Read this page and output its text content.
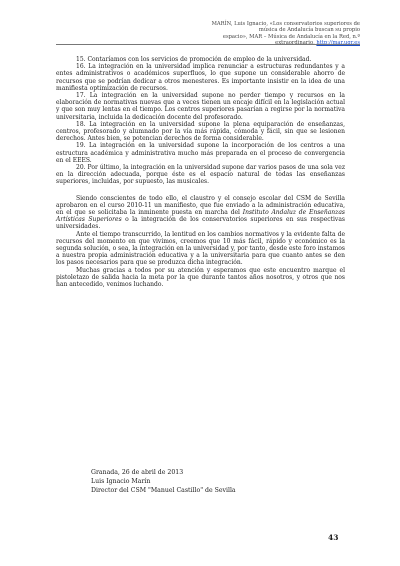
MARÍN, Luis Ignacio, «Los conservatorios superiores de música de Andalucía buscan su propio
espacio», MAR – Música de Andalucía en la Red, n.º extraordinario, http://mar.ugr.es

15. Contaríamos con los servicios de promoción de empleo de la universidad.

16. La integración en la universidad implica renunciar a estructuras redundantes y a entes administrativos o académicos superfluos, lo que supone un considerable ahorro de recursos que se podrían dedicar a otros menesteres. Es importante insistir en la idea de una manifiesta optimización de recursos.

17. La integración en la universidad supone no perder tiempo y recursos en la elaboración de normativas nuevas que a veces tienen un encaje difícil en la legislación actual y que son muy lentas en el tiempo. Los centros superiores pasarían a regirse por la normativa universitaria, incluida la dedicación docente del profesorado.

18. La integración en la universidad supone la plena equiparación de enseñanzas, centros, profesorado y alumnado por la vía más rápida, cómoda y fácil, sin que se lesionen derechos. Antes bien, se potencian derechos de forma considerable.

19. La integración en la universidad supone la incorporación de los centros a una estructura académica y administrativa mucho más preparada en el proceso de convergencia en el EEES.

20. Por último, la integración en la universidad supone dar varios pasos de una sola vez en la dirección adecuada, porque éste es el espacio natural de todas las enseñanzas superiores, incluidas, por supuesto, las musicales.

Siendo conscientes de todo ello, el claustro y el consejo escolar del CSM de Sevilla aprobaron en el curso 2010-11 un manifiesto, que fue enviado a la administración educativa, en el que se solicitaba la inminente puesta en marcha del Instituto Andaluz de Enseñanzas Artísticas Superiores o la integración de los conservatorios superiores en sus respectivas universidades.

Ante el tiempo transcurrido, la lentitud en los cambios normativos y la evidente falta de recursos del momento en que vivimos, creemos que 10 más fácil, rápido y económico es la segunda solución, o sea, la integración en la universidad y, por tanto, desde este foro instamos a nuestra propia administración educativa y a la universitaria para que cuanto antes se den los pasos necesarios para que se produzca dicha integración.

Muchas gracias a todos por su atención y esperamos que este encuentro marque el pistoletazo de salida hacia la meta por la que durante tantos años nosotros, y otros que nos han antecedido, venimos luchando.

Granada, 26 de abril de 2013
Luis Ignacio Marín
Director del CSM "Manuel Castillo" de Sevilla
43
